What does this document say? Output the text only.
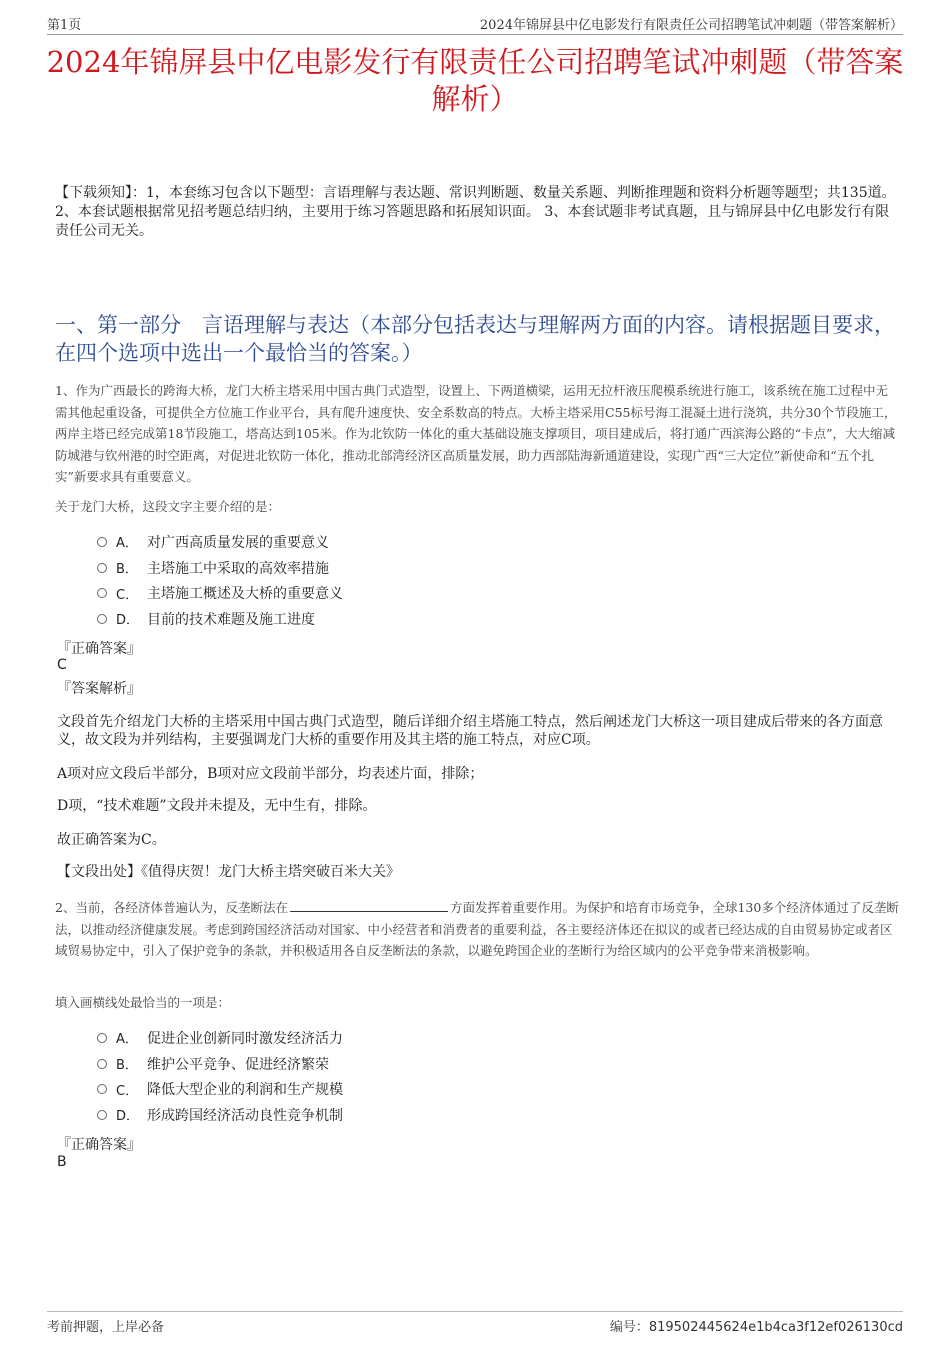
第1页	2024年锦屏县中亿电影发行有限责任公司招聘笔试冲刺题（带答案解析）
2024年锦屏县中亿电影发行有限责任公司招聘笔试冲刺题（带答案解析）
【下载须知】：1，本套练习包含以下题型：言语理解与表达题、常识判断题、数量关系题、判断推理题和资料分析题等题型；共135道。 2、本套试题根据常见招考题总结归纳，主要用于练习答题思路和拓展知识面。 3、本套试题非考试真题，且与锦屏县中亿电影发行有限责任公司无关。
一、第一部分　言语理解与表达（本部分包括表达与理解两方面的内容。请根据题目要求，在四个选项中选出一个最恰当的答案。）
1、作为广西最长的跨海大桥，龙门大桥主塔采用中国古典门式造型，设置上、下两道横梁，运用无拉杆液压爬模系统进行施工，该系统在施工过程中无需其他起重设备，可提供全方位施工作业平台，具有爬升速度快、安全系数高的特点。大桥主塔采用C55标号海工混凝土进行浇筑，共分30个节段施工，两岸主塔已经完成第18节段施工，塔高达到105米。作为北钦防一体化的重大基础设施支撑项目，项目建成后，将打通广西滨海公路的“卡点”，大大缩减防城港与钦州港的时空距离，对促进北钦防一体化，推动北部湾经济区高质量发展，助力西部陆海新通道建设，实现广西“三大定位”新使命和“五个扎实”新要求具有重要意义。
关于龙门大桥，这段文字主要介绍的是：
A． 对广西高质量发展的重要意义
B． 主塔施工中采取的高效率措施
C． 主塔施工概述及大桥的重要意义
D． 目前的技术难题及施工进度
『正确答案』
C
『答案解析』
文段首先介绍龙门大桥的主塔采用中国古典门式造型，随后详细介绍主塔施工特点，然后阐述龙门大桥这一项目建成后带来的各方面意义，故文段为并列结构，主要强调龙门大桥的重要作用及其主塔的施工特点，对应C项。
A项对应文段后半部分，B项对应文段前半部分，均表述片面，排除；
D项，“技术难题”文段并未提及，无中生有，排除。
故正确答案为C。
【文段出处】《值得庆贺！龙门大桥主塔突破百米大关》
2、当前，各经济体普遍认为，反垄断法在	方面发挥着重要作用。为保护和培育市场竞争，全球130多个经济体通过了反垄断法，以推动经济健康发展。考虑到跨国经济活动对国家、中小经营者和消费者的重要利益，各主要经济体还在拟议的或者已经达成的自由贸易协定或者区域贸易协定中，引入了保护竞争的条款，并积极适用各自反垄断法的条款，以避免跨国企业的垄断行为给区域内的公平竞争带来消极影响。
填入画横线处最恰当的一项是：
A． 促进企业创新同时激发经济活力
B． 维护公平竞争、促进经济繁荣
C． 降低大型企业的利润和生产规模
D． 形成跨国经济活动良性竞争机制
『正确答案』
B
考前押题，上岸必备	编号：819502445624e1b4ca3f12ef026130cd
